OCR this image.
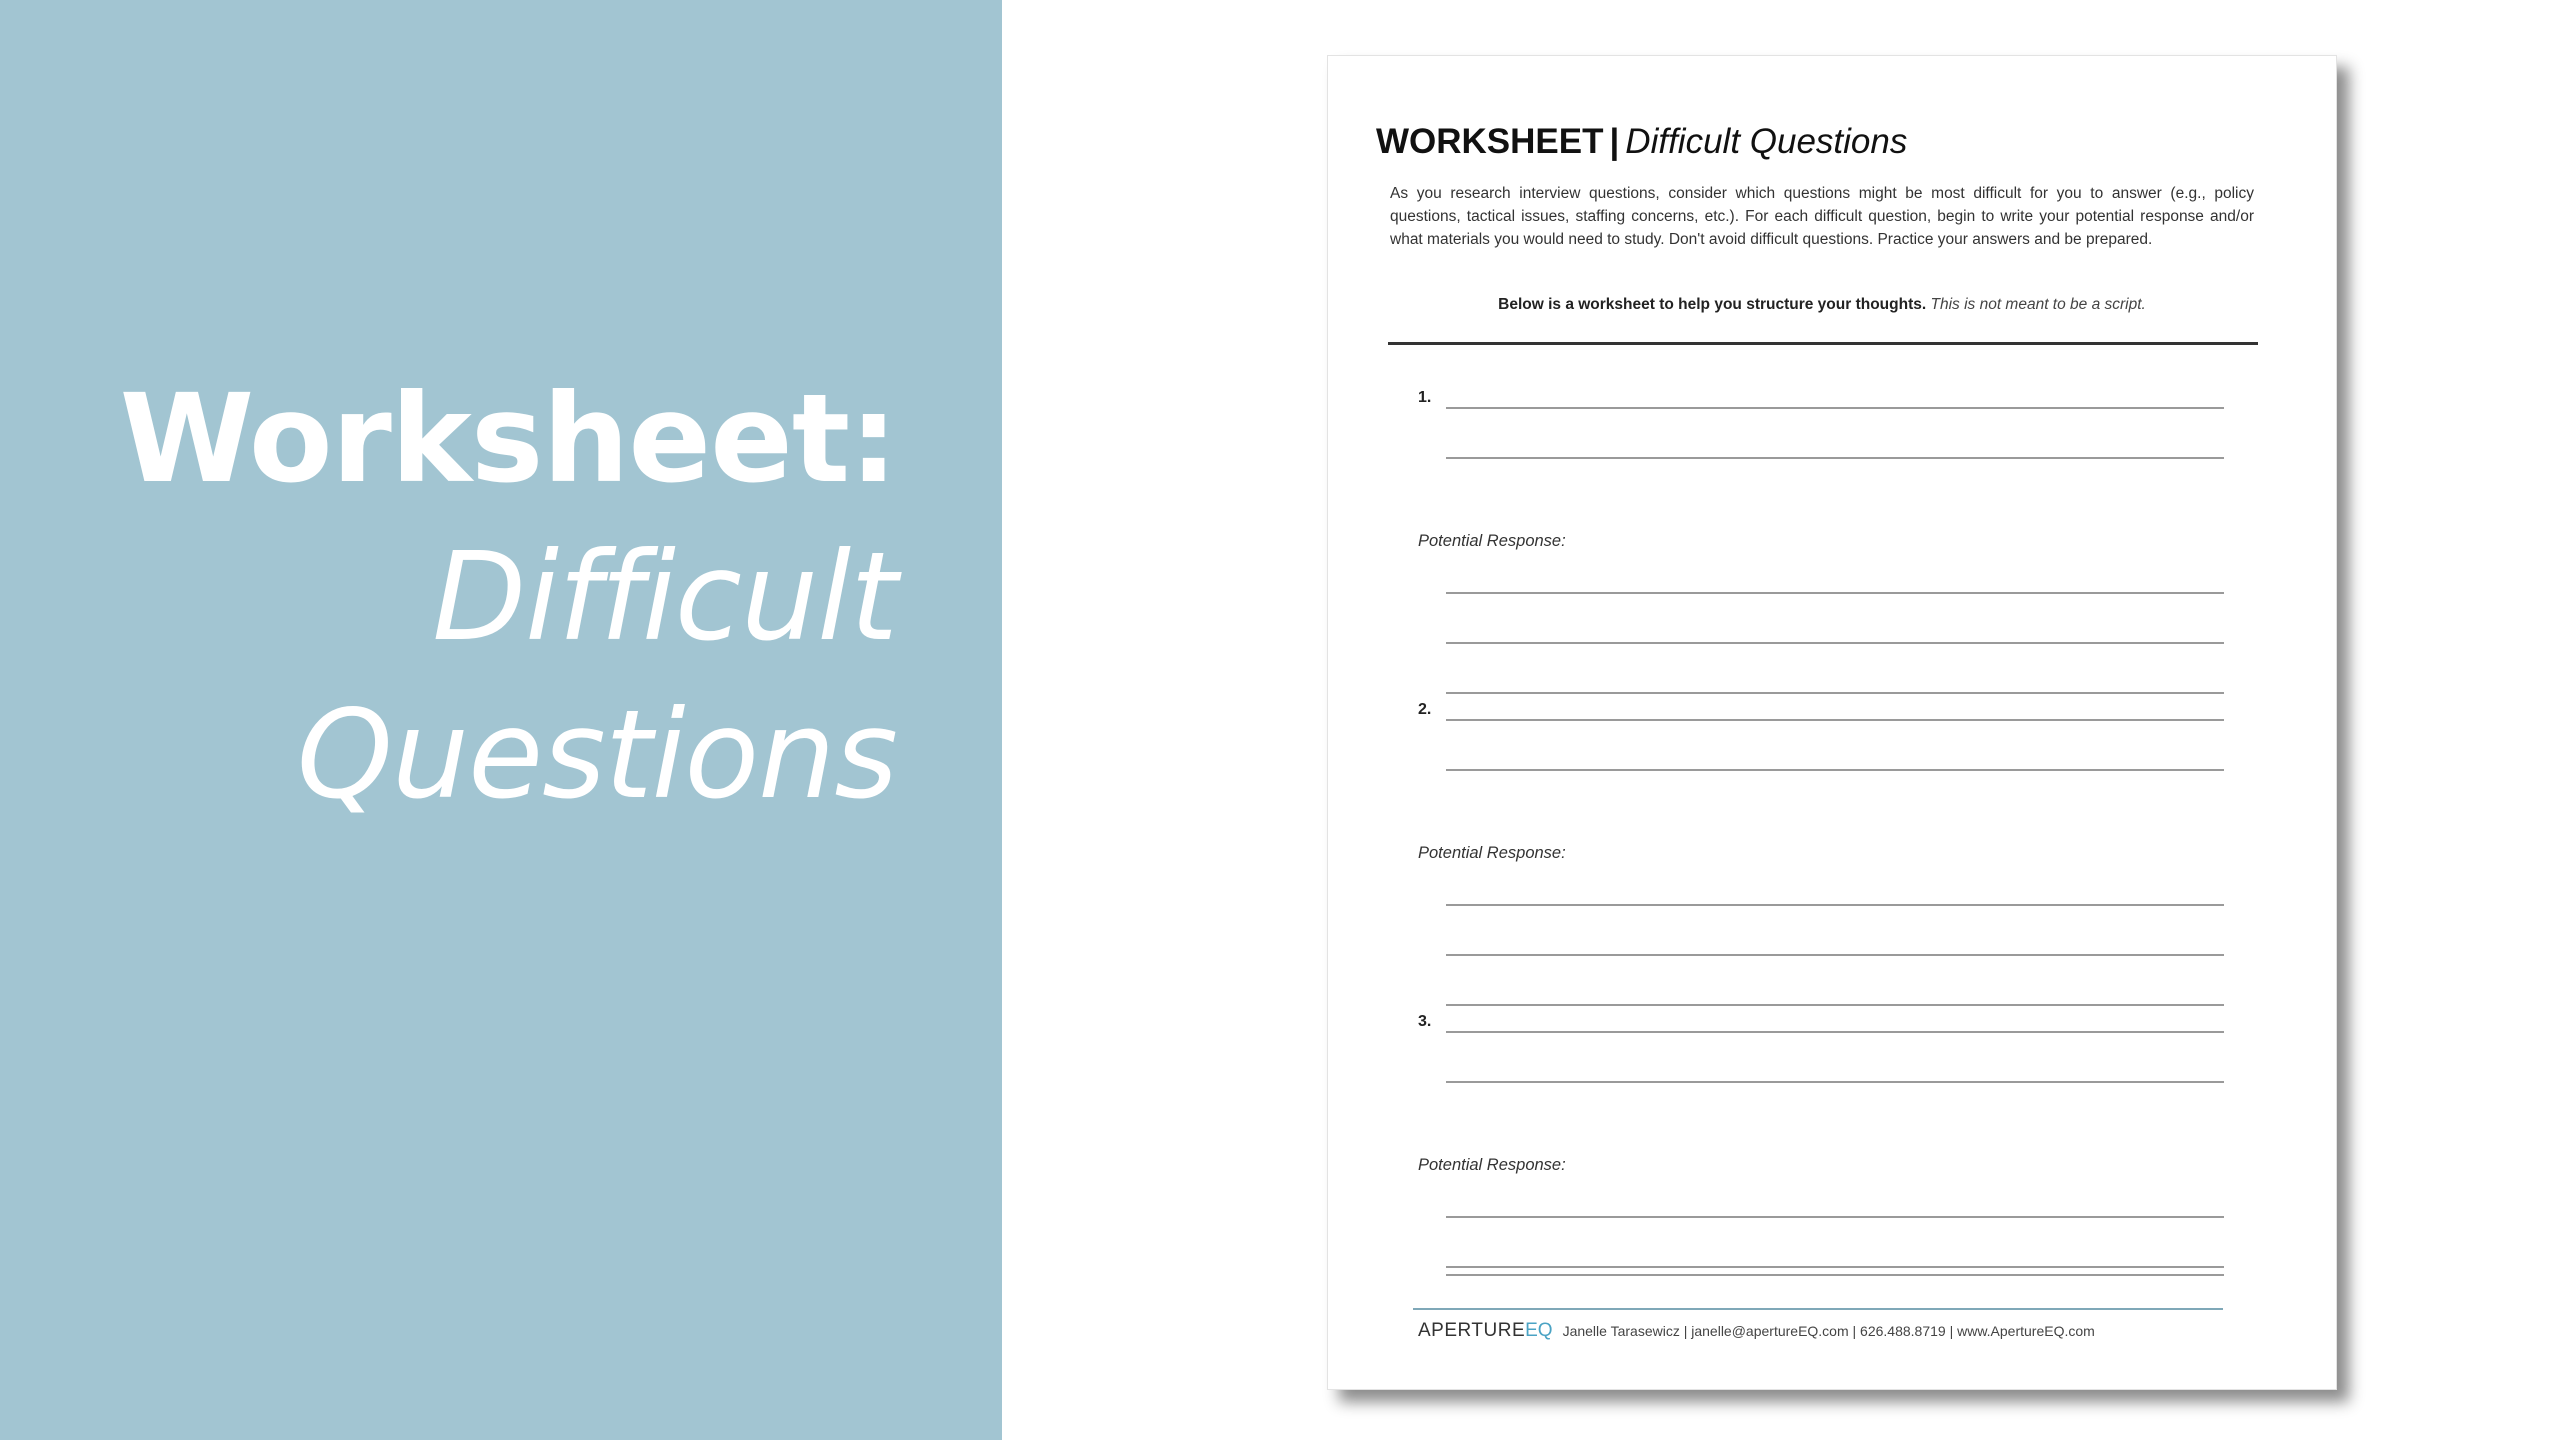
Worksheet:
Difficult
Questions
WORKSHEET | Difficult Questions
As you research interview questions, consider which questions might be most difficult for you to answer (e.g., policy questions, tactical issues, staffing concerns, etc.). For each difficult question, begin to write your potential response and/or what materials you would need to study. Don't avoid difficult questions. Practice your answers and be prepared.
Below is a worksheet to help you structure your thoughts. This is not meant to be a script.
1.
Potential Response:
2.
Potential Response:
3.
Potential Response:
APERTURE EQ Janelle Tarasewicz | janelle@apertureEQ.com | 626.488.8719 | www.ApertureEQ.com
